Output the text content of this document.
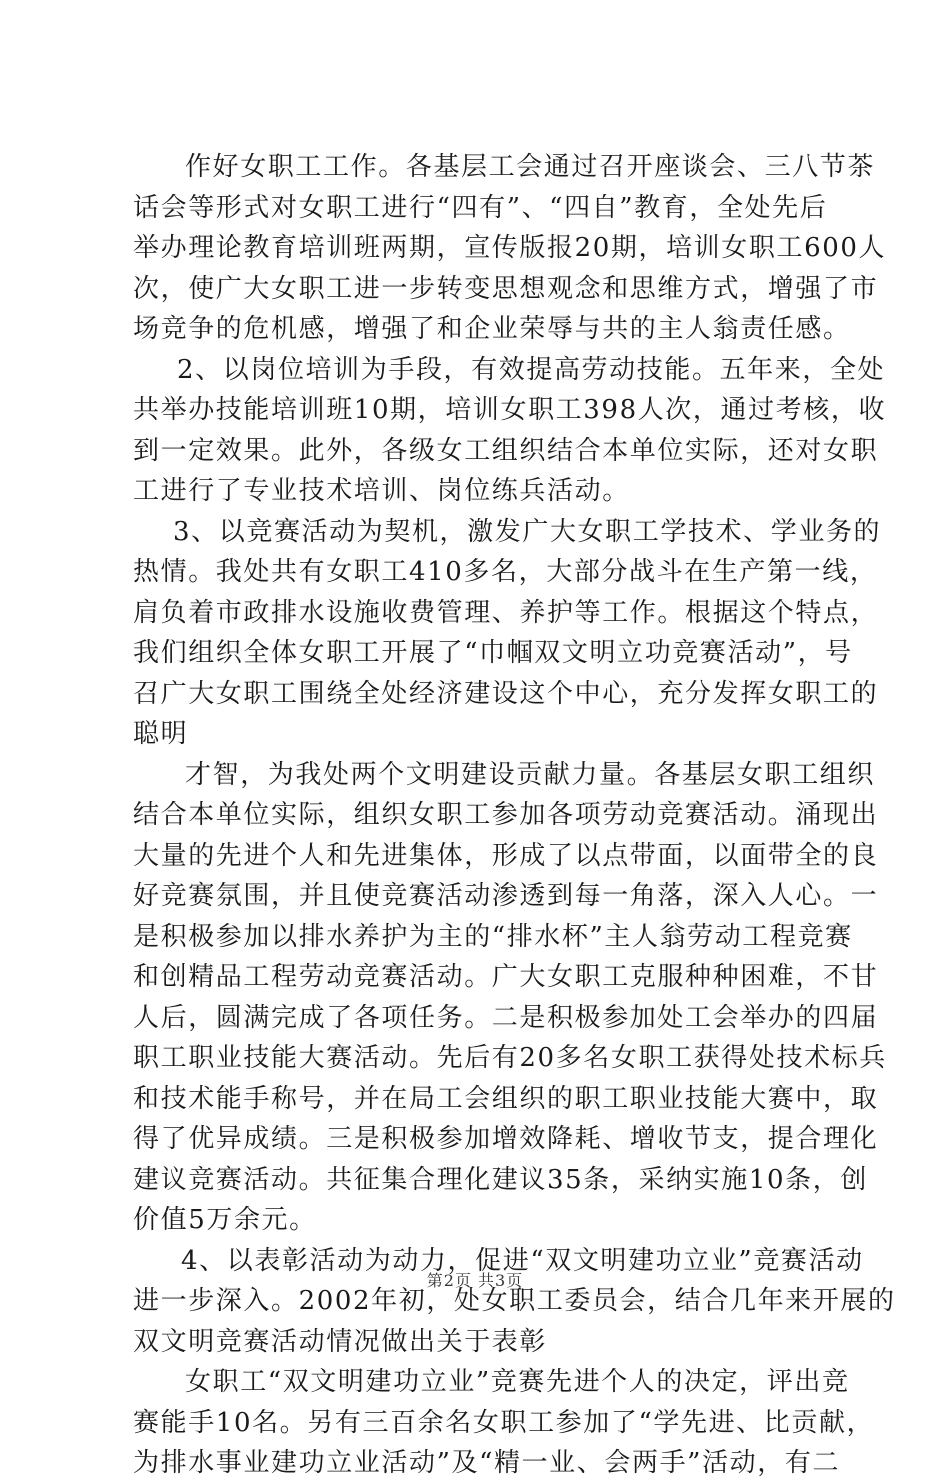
作好女职工工作。各基层工会通过召开座谈会、三八节茶
话会等形式对女职工进行“四有”、“四自”教育，全处先后
举办理论教育培训班两期，宣传版报20期，培训女职工600人
次，使广大女职工进一步转变思想观念和思维方式，增强了市
场竞争的危机感，增强了和企业荣辱与共的主人翁责任感。
2、以岗位培训为手段，有效提高劳动技能。五年来，全处
共举办技能培训班10期，培训女职工398人次，通过考核，收
到一定效果。此外，各级女工组织结合本单位实际，还对女职
工进行了专业技术培训、岗位练兵活动。
3、以竞赛活动为契机，激发广大女职工学技术、学业务的
热情。我处共有女职工410多名，大部分战斗在生产第一线，
肩负着市政排水设施收费管理、养护等工作。根据这个特点，
我们组织全体女职工开展了“巾帼双文明立功竞赛活动”，号
召广大女职工围绕全处经济建设这个中心，充分发挥女职工的
聪明
才智，为我处两个文明建设贡献力量。各基层女职工组织
结合本单位实际，组织女职工参加各项劳动竞赛活动。涌现出
大量的先进个人和先进集体，形成了以点带面，以面带全的良
好竞赛氛围，并且使竞赛活动渗透到每一角落，深入人心。一
是积极参加以排水养护为主的“排水杯”主人翁劳动工程竞赛
和创精品工程劳动竞赛活动。广大女职工克服种种困难，不甘
人后，圆满完成了各项任务。二是积极参加处工会举办的四届
职工职业技能大赛活动。先后有20多名女职工获得处技术标兵
和技术能手称号，并在局工会组织的职工职业技能大赛中，取
得了优异成绩。三是积极参加增效降耗、增收节支，提合理化
建议竞赛活动。共征集合理化建议35条，采纳实施10条，创
价值5万余元。
4、以表彰活动为动力，促进“双文明建功立业”竞赛活动
进一步深入。2002年初，处女职工委员会，结合几年来开展的
双文明竞赛活动情况做出关于表彰
女职工“双文明建功立业”竞赛先进个人的决定，评出竞
赛能手10名。另有三百余名女职工参加了“学先进、比贡献，
为排水事业建功立业活动”及“精一业、会两手”活动，有二
第2页 共3页
